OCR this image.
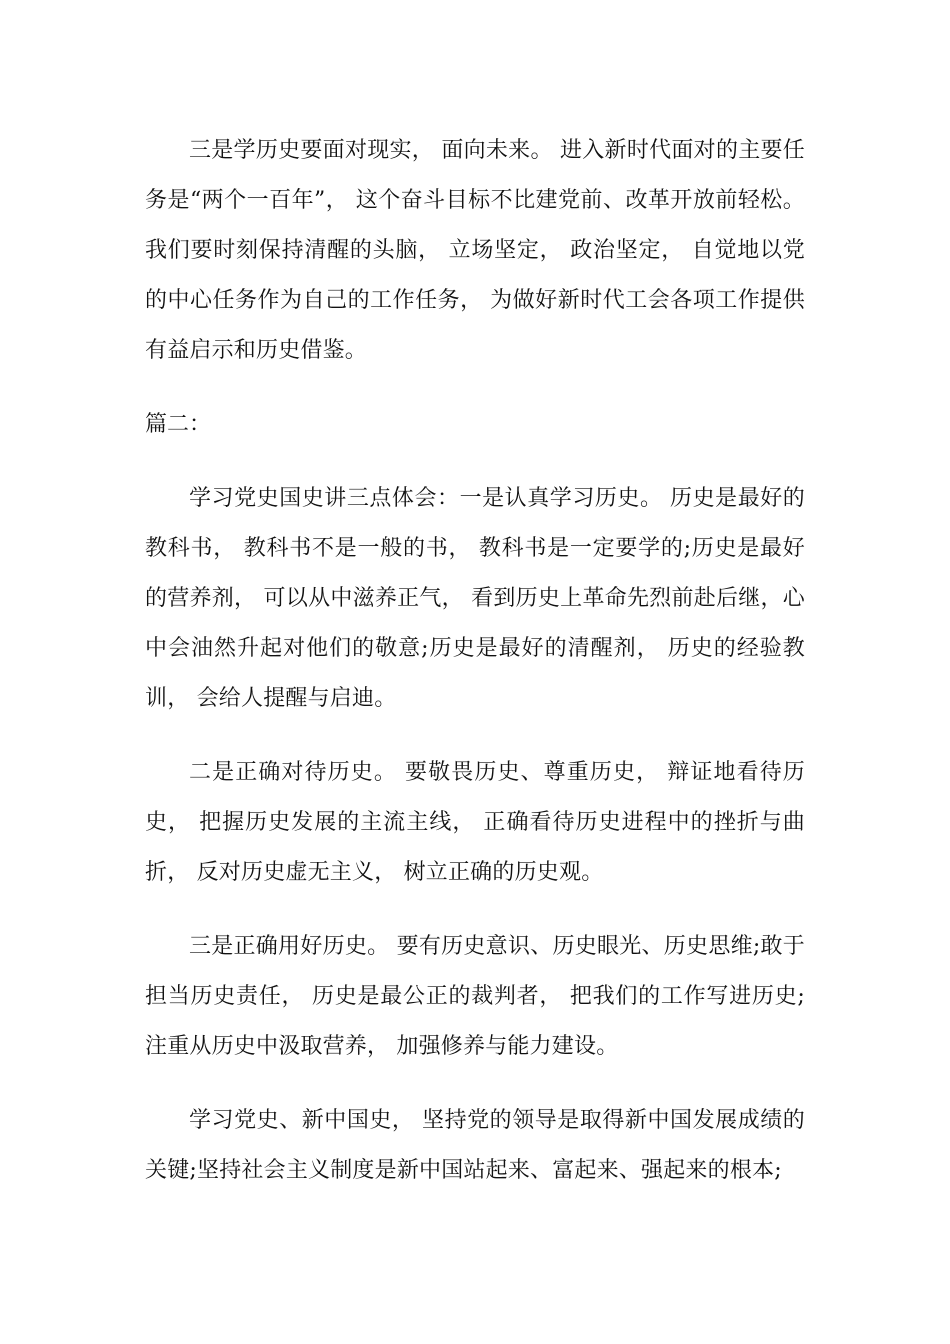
三是学历史要面对现实， 面向未来。 进入新时代面对的主要任务是“两个一百年”， 这个奋斗目标不比建党前、改革开放前轻松。 我们要时刻保持清醒的头脑， 立场坚定， 政治坚定， 自觉地以党的中心任务作为自己的工作任务， 为做好新时代工会各项工作提供有益启示和历史借鉴。

篇二：

学习党史国史讲三点体会：一是认真学习历史。 历史是最好的教科书， 教科书不是一般的书， 教科书是一定要学的;历史是最好的营养剂， 可以从中滋养正气， 看到历史上革命先烈前赴后继，心中会油然升起对他们的敬意;历史是最好的清醒剂， 历史的经验教训， 会给人提醒与启迪。

二是正确对待历史。 要敬畏历史、尊重历史， 辩证地看待历史， 把握历史发展的主流主线， 正确看待历史进程中的挫折与曲折， 反对历史虚无主义， 树立正确的历史观。

三是正确用好历史。 要有历史意识、历史眼光、历史思维;敢于担当历史责任， 历史是最公正的裁判者， 把我们的工作写进历史;注重从历史中汲取营养， 加强修养与能力建设。

学习党史、新中国史， 坚持党的领导是取得新中国发展成绩的关键;坚持社会主义制度是新中国站起来、富起来、强起来的根本;
